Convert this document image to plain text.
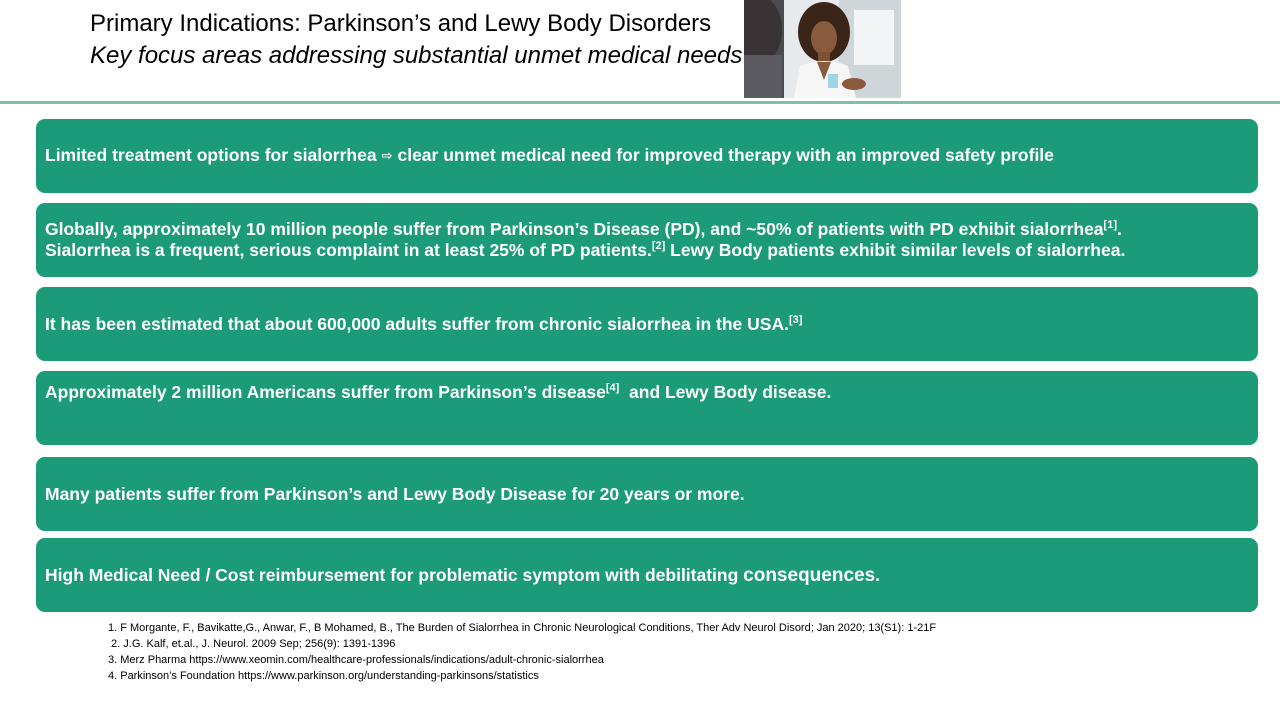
Primary Indications: Parkinson’s and Lewy Body Disorders
Key focus areas addressing substantial unmet medical needs
Limited treatment options for sialorrhea ⇨ clear unmet medical need for improved therapy with an improved safety profile
Globally, approximately 10 million people suffer from Parkinson’s Disease (PD), and ~50% of patients with PD exhibit sialorrhea[1].
Sialorrhea is a frequent, serious complaint in at least 25% of PD patients.[2] Lewy Body patients exhibit similar levels of sialorrhea.
It has been estimated that about 600,000 adults suffer from chronic sialorrhea in the USA.[3]
Approximately 2 million Americans suffer from Parkinson’s disease[4]  and Lewy Body disease.
Many patients suffer from Parkinson’s and Lewy Body Disease for 20 years or more.
High Medical Need / Cost reimbursement for problematic symptom with debilitating consequences.
1. F Morgante, F., Bavikatte,G., Anwar, F., B Mohamed, B., The Burden of Sialorrhea in Chronic Neurological Conditions, Ther Adv Neurol Disord; Jan 2020; 13(S1): 1-21F
2. J.G. Kalf, et.al., J. Neurol. 2009 Sep; 256(9): 1391-1396
3. Merz Pharma https://www.xeomin.com/healthcare-professionals/indications/adult-chronic-sialorrhea
4. Parkinson’s Foundation https://www.parkinson.org/understanding-parkinsons/statistics
